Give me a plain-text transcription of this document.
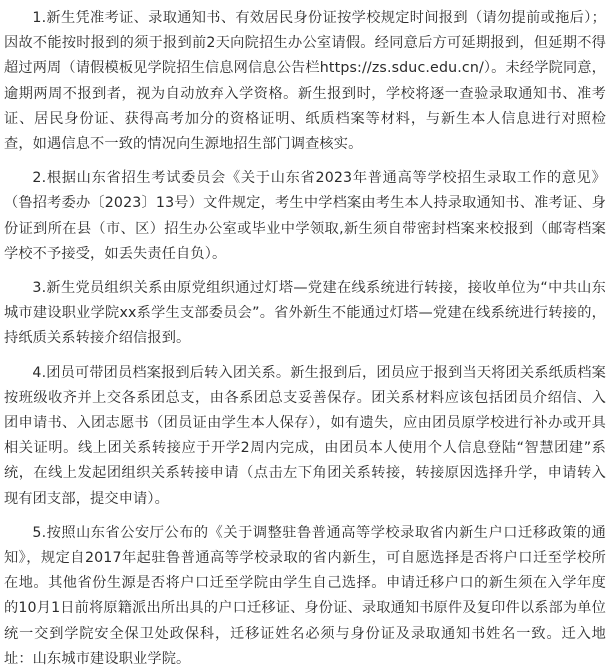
1.新生凭准考证、录取通知书、有效居民身份证按学校规定时间报到（请勿提前或拖后）；因故不能按时报到的须于报到前2天向院招生办公室请假。经同意后方可延期报到，但延期不得超过两周（请假模板见学院招生信息网信息公告栏https://zs.sduc.edu.cn/）。未经学院同意，逾期两周不报到者，视为自动放弃入学资格。新生报到时，学校将逐一查验录取通知书、准考证、居民身份证、获得高考加分的资格证明、纸质档案等材料，与新生本人信息进行对照检查，如遇信息不一致的情况向生源地招生部门调查核实。

2.根据山东省招生考试委员会《关于山东省2023年普通高等学校招生录取工作的意见》（鲁招考委办〔2023〕13号）文件规定，考生中学档案由考生本人持录取通知书、准考证、身份证到所在县（市、区）招生办公室或毕业中学领取,新生须自带密封档案来校报到（邮寄档案学校不予接受，如丢失责任自负）。

3.新生党员组织关系由原党组织通过灯塔—党建在线系统进行转接，接收单位为“中共山东城市建设职业学院xx系学生支部委员会”。省外新生不能通过灯塔—党建在线系统进行转接的，持纸质关系转接介绍信报到。

4.团员可带团员档案报到后转入团关系。新生报到后，团员应于报到当天将团关系纸质档案按班级收齐并上交各系团总支，由各系团总支妥善保存。团关系材料应该包括团员介绍信、入团申请书、入团志愿书（团员证由学生本人保存），如有遗失，应由团员原学校进行补办或开具相关证明。线上团关系转接应于开学2周内完成，由团员本人使用个人信息登陆“智慧团建”系统，在线上发起团组织关系转接申请（点击左下角团关系转接，转接原因选择升学，申请转入现有团支部，提交申请）。

5.按照山东省公安厅公布的《关于调整驻鲁普通高等学校录取省内新生户口迁移政策的通知》，规定自2017年起驻鲁普通高等学校录取的省内新生，可自愿选择是否将户口迁至学校所在地。其他省份生源是否将户口迁至学院由学生自己选择。申请迁移户口的新生须在入学年度的10月1日前将原籍派出所出具的户口迁移证、身份证、录取通知书原件及复印件以系部为单位统一交到学院安全保卫处政保科，迁移证姓名必须与身份证及录取通知书姓名一致。迁入地址：山东城市建设职业学院。
